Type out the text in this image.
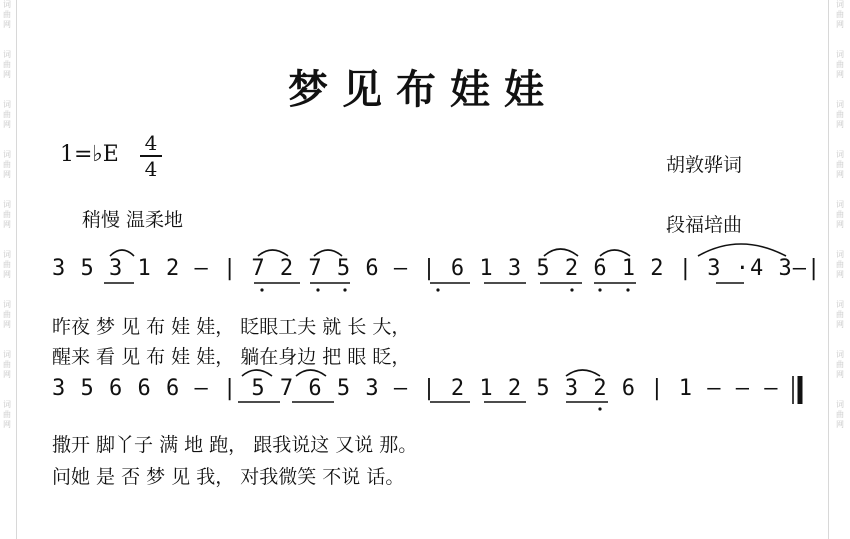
词
曲
网

词
曲
网

词
曲
网

词
曲
网

词
曲
网

词
曲
网

词
曲
网

词
曲
网

词
曲
网

词
曲
网

词
曲
网

词
曲
网

词
曲
网

词
曲
网

词
曲
网

词
曲
网

词
曲
网

词
曲
网

梦见布娃娃
1=♭E 4
4
稍慢 温柔地
胡敦骅词
段福培曲
3 5 3 1 2 — | 7 2 7 5 6 — | 6 1 3 5 2 6 1 2 | 3 ·4 3—|
昨夜 梦 见 布 娃 娃， 眨眼工夫 就 长 大，
醒来 看 见 布 娃 娃， 躺在身边 把 眼 眨，
3 5 6 6 6 — | 5 7 6 5 3 — | 2 1 2 5 3 2 6 | 1 — — —
撒开 脚丫子 满 地 跑， 跟我说这 又说 那。
问她 是 否 梦 见 我， 对我微笑 不说 话。
